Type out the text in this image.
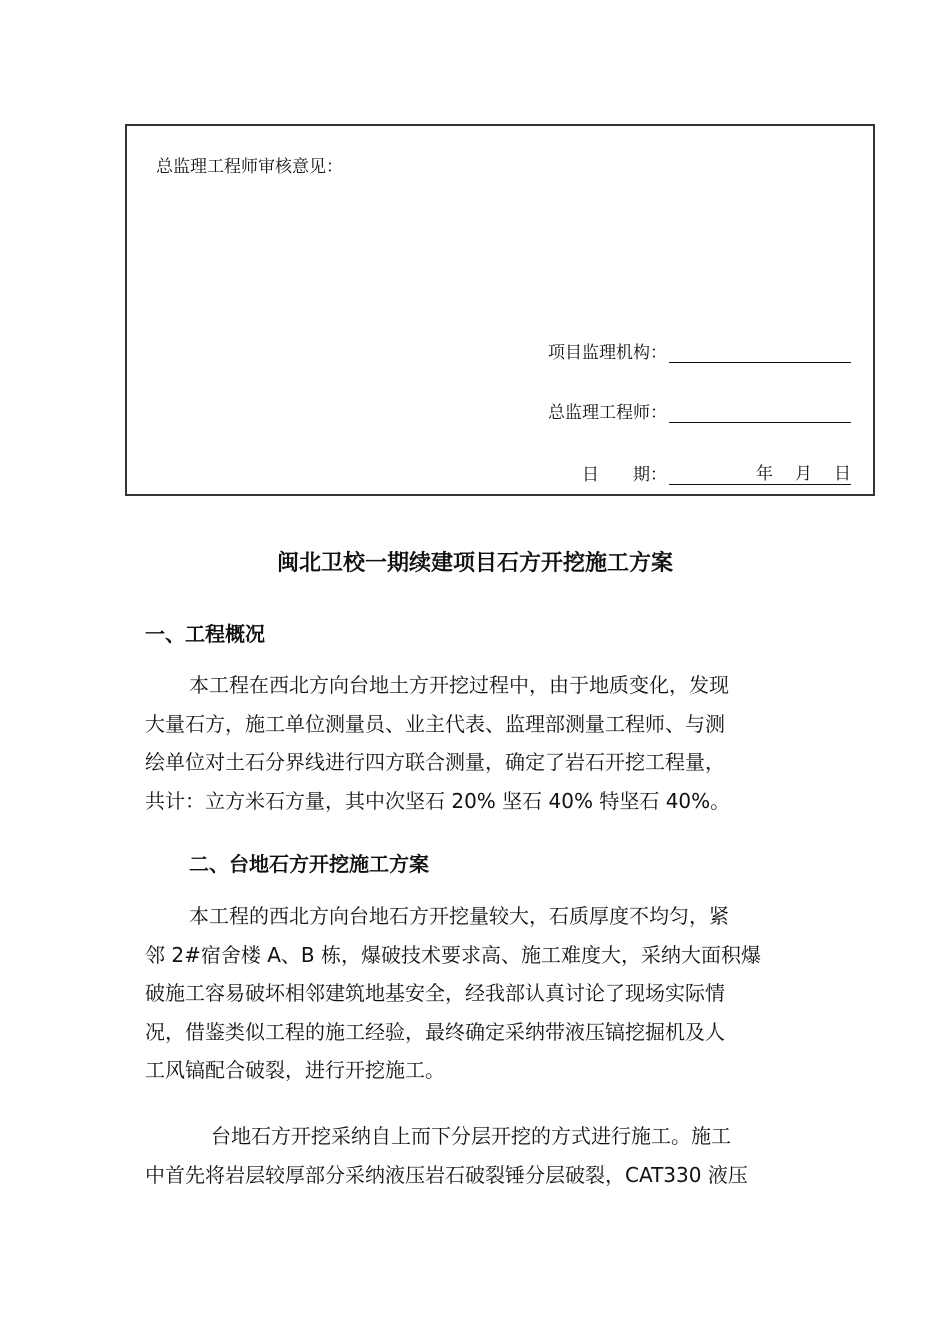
总监理工程师审核意见：
项目监理机构：
总监理工程师：
日　　期：	年 月 日
闽北卫校一期续建项目石方开挖施工方案
一、工程概况
本工程在西北方向台地土方开挖过程中，由于地质变化，发现
大量石方，施工单位测量员、业主代表、监理部测量工程师、与测
绘单位对土石分界线进行四方联合测量，确定了岩石开挖工程量，
共计：立方米石方量，其中次坚石 20% 坚石 40% 特坚石 40%。
二、台地石方开挖施工方案
本工程的西北方向台地石方开挖量较大，石质厚度不均匀，紧
邻 2#宿舍楼 A、B 栋，爆破技术要求高、施工难度大，采纳大面积爆
破施工容易破坏相邻建筑地基安全，经我部认真讨论了现场实际情
况，借鉴类似工程的施工经验，最终确定采纳带液压镐挖掘机及人
工风镐配合破裂，进行开挖施工。
台地石方开挖采纳自上而下分层开挖的方式进行施工。施工
中首先将岩层较厚部分采纳液压岩石破裂锤分层破裂，CAT330 液压
